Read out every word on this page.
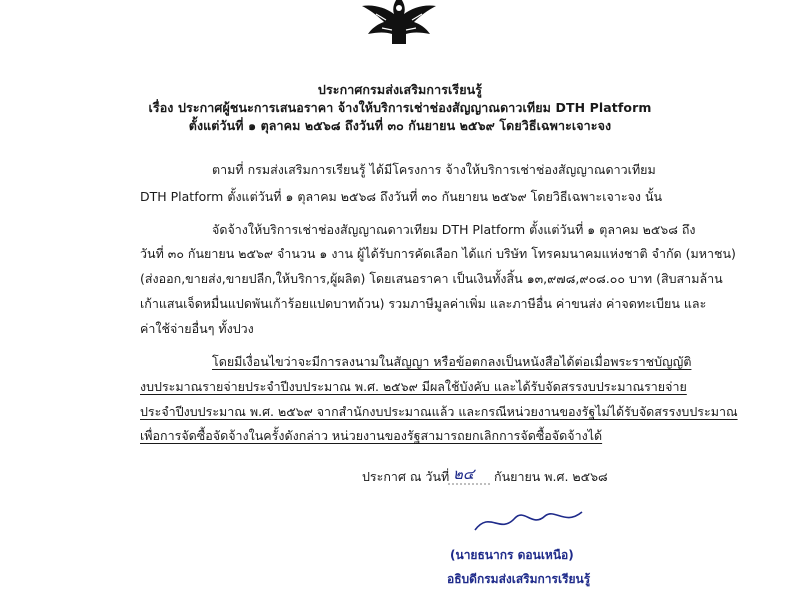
ประกาศกรมส่งเสริมการเรียนรู้
เรื่อง ประกาศผู้ชนะการเสนอราคา จ้างให้บริการเช่าช่องสัญญาณดาวเทียม DTH Platform
ตั้งแต่วันที่ ๑ ตุลาคม ๒๕๖๘ ถึงวันที่ ๓๐ กันยายน ๒๕๖๙ โดยวิธีเฉพาะเจาะจง
ตามที่ กรมส่งเสริมการเรียนรู้ ได้มีโครงการ จ้างให้บริการเช่าช่องสัญญาณดาวเทียม
DTH Platform ตั้งแต่วันที่ ๑ ตุลาคม ๒๕๖๘ ถึงวันที่ ๓๐ กันยายน ๒๕๖๙ โดยวิธีเฉพาะเจาะจง นั้น
จัดจ้างให้บริการเช่าช่องสัญญาณดาวเทียม DTH Platform ตั้งแต่วันที่ ๑ ตุลาคม ๒๕๖๘ ถึง
วันที่ ๓๐ กันยายน ๒๕๖๙ จำนวน ๑ งาน ผู้ได้รับการคัดเลือก ได้แก่ บริษัท โทรคมนาคมแห่งชาติ จำกัด (มหาชน)
(ส่งออก,ขายส่ง,ขายปลีก,ให้บริการ,ผู้ผลิต) โดยเสนอราคา เป็นเงินทั้งสิ้น ๑๓,๙๗๘,๙๐๘.๐๐ บาท (สิบสามล้าน
เก้าแสนเจ็ดหมื่นแปดพันเก้าร้อยแปดบาทถ้วน) รวมภาษีมูลค่าเพิ่ม และภาษีอื่น ค่าขนส่ง ค่าจดทะเบียน และ
ค่าใช้จ่ายอื่นๆ ทั้งปวง
โดยมีเงื่อนไขว่าจะมีการลงนามในสัญญา หรือข้อตกลงเป็นหนังสือได้ต่อเมื่อพระราชบัญญัติ
งบประมาณรายจ่ายประจำปีงบประมาณ พ.ศ. ๒๕๖๙ มีผลใช้บังคับ และได้รับจัดสรรงบประมาณรายจ่าย
ประจำปีงบประมาณ พ.ศ. ๒๕๖๙ จากสำนักงบประมาณแล้ว และกรณีหน่วยงานของรัฐไม่ได้รับจัดสรรงบประมาณ
เพื่อการจัดซื้อจัดจ้างในครั้งดังกล่าว หน่วยงานของรัฐสามารถยกเลิกการจัดซื้อจัดจ้างได้
ประกาศ ณ วันที่ ๒๔ กันยายน พ.ศ. ๒๕๖๘
(นายธนากร ดอนเหนือ)
อธิบดีกรมส่งเสริมการเรียนรู้
